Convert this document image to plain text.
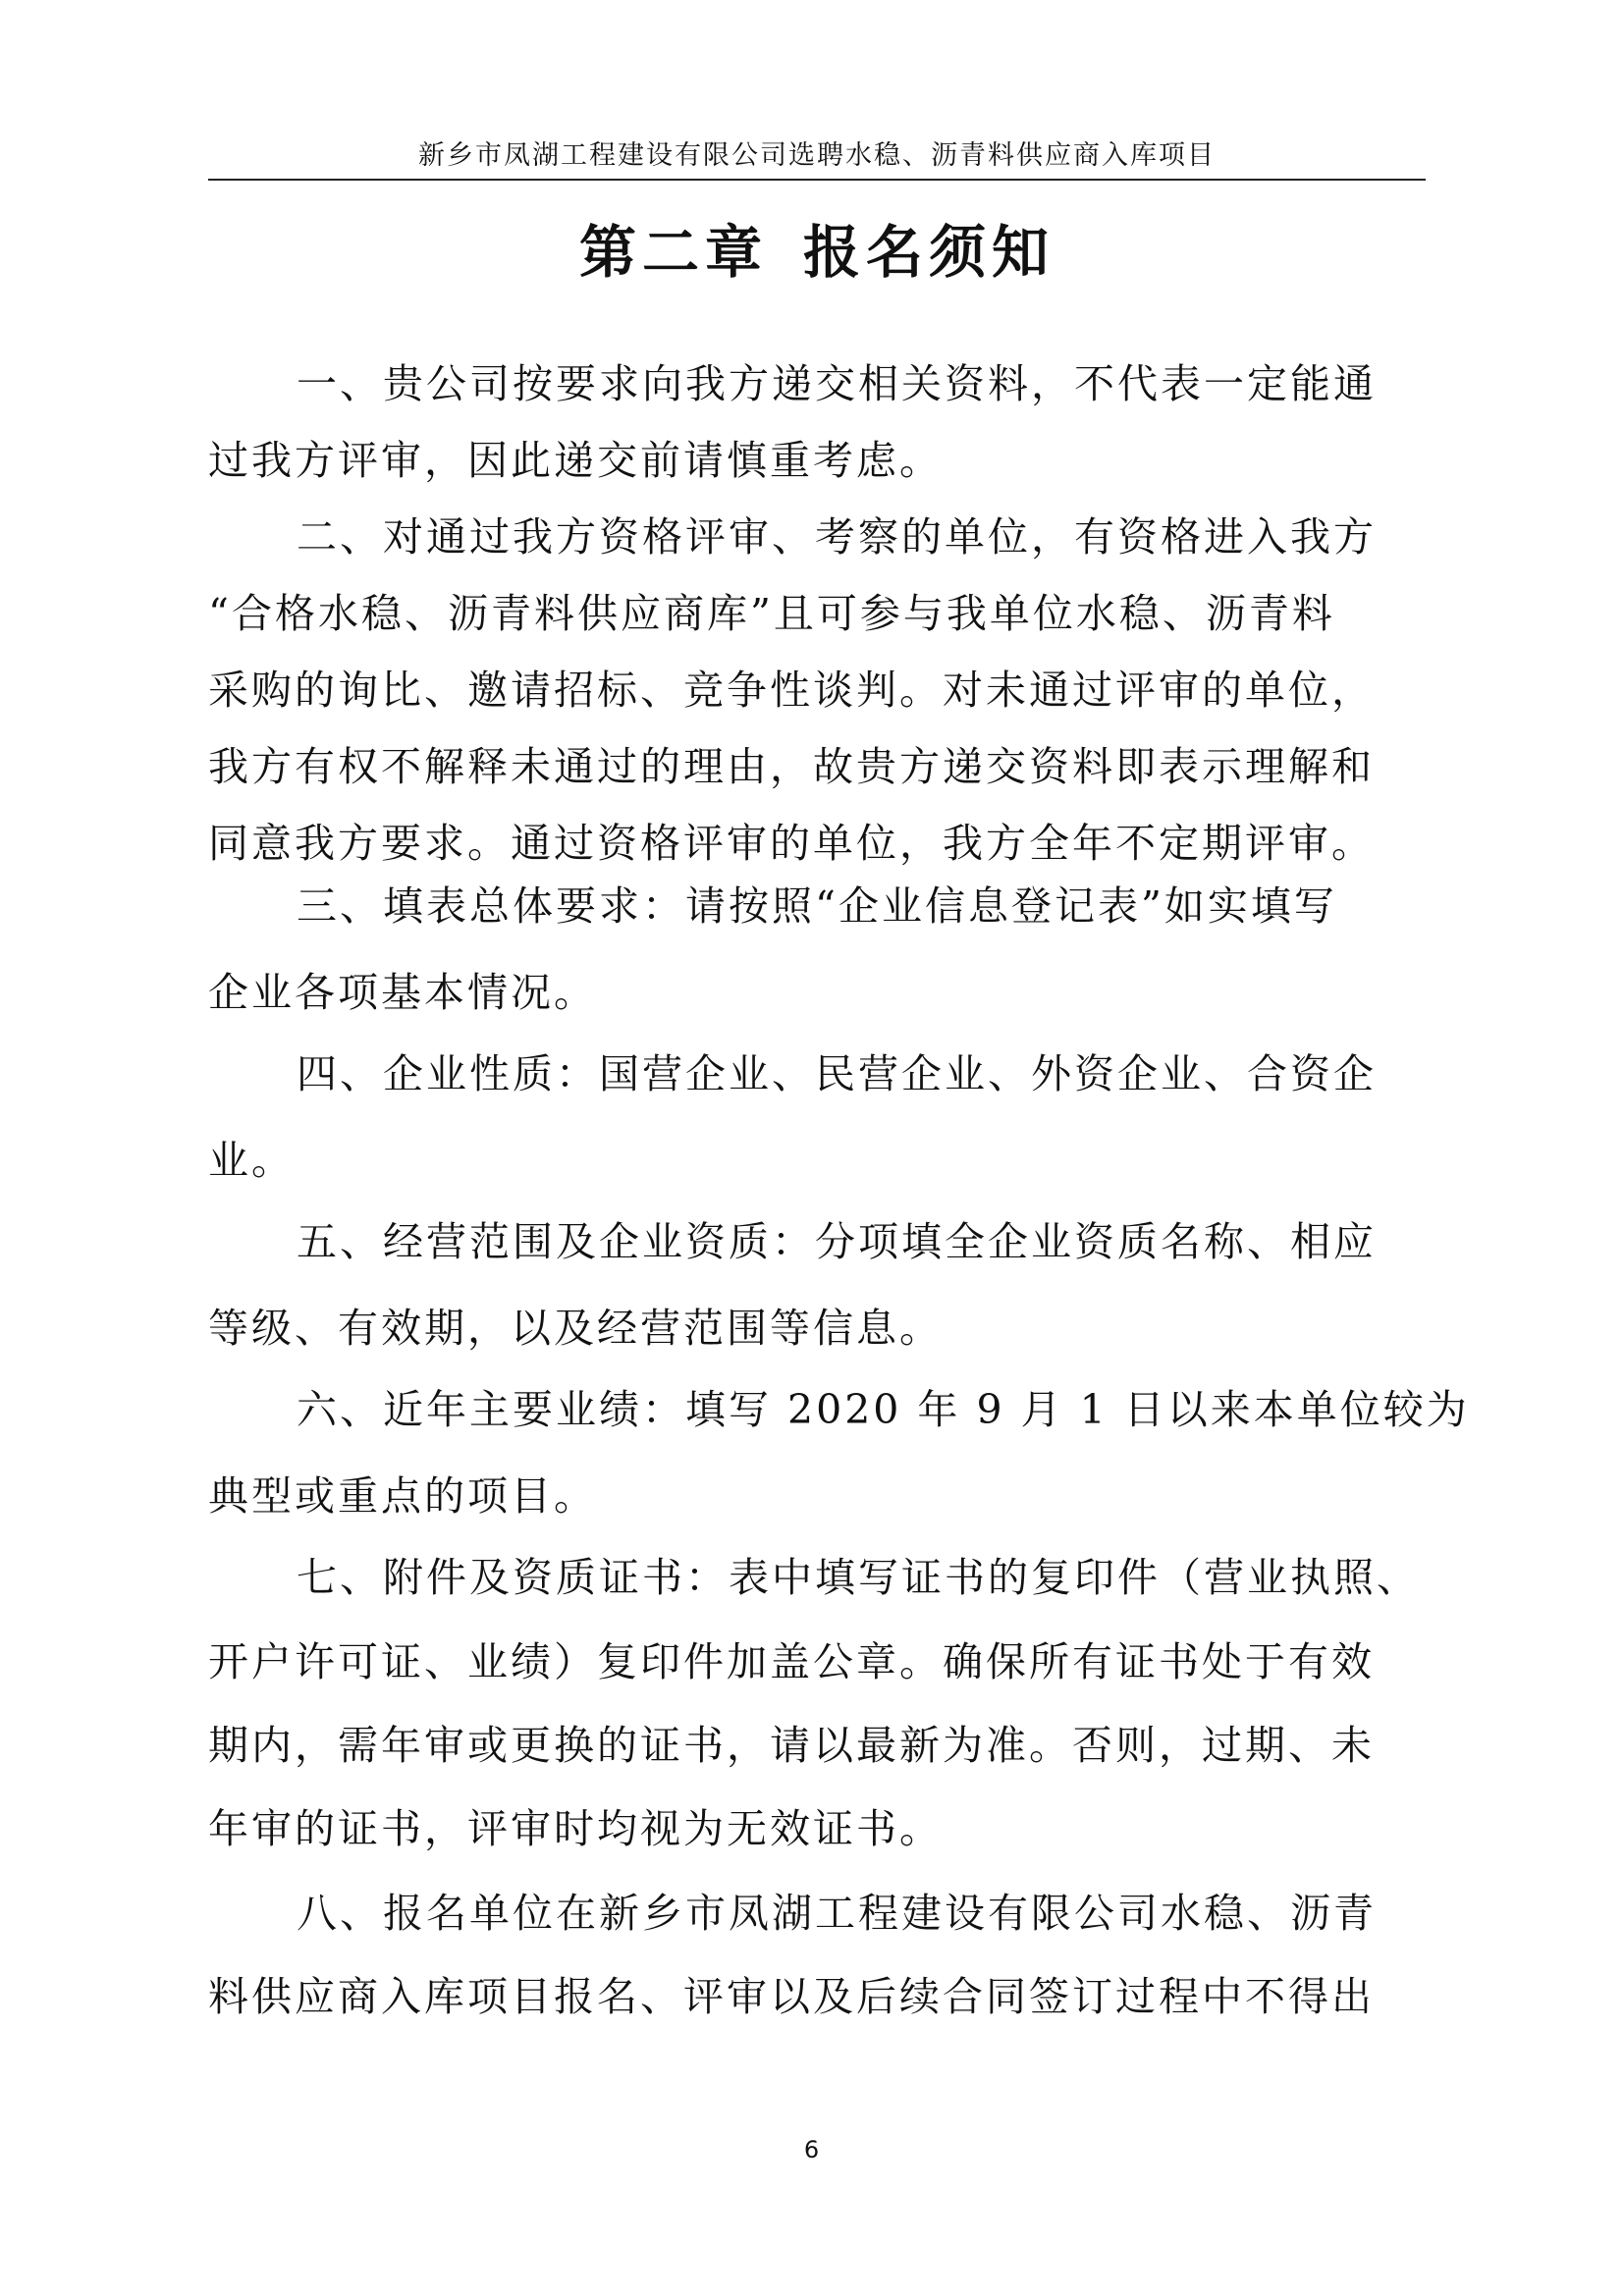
新乡市凤湖工程建设有限公司选聘水稳、沥青料供应商入库项目
第二章 报名须知
一、贵公司按要求向我方递交相关资料，不代表一定能通
过我方评审，因此递交前请慎重考虑。
二、对通过我方资格评审、考察的单位，有资格进入我方
“合格水稳、沥青料供应商库”且可参与我单位水稳、沥青料
采购的询比、邀请招标、竞争性谈判。对未通过评审的单位，
我方有权不解释未通过的理由，故贵方递交资料即表示理解和
同意我方要求。通过资格评审的单位，我方全年不定期评审。
三、填表总体要求：请按照“企业信息登记表”如实填写
企业各项基本情况。
四、企业性质：国营企业、民营企业、外资企业、合资企
业。
五、经营范围及企业资质：分项填全企业资质名称、相应
等级、有效期，以及经营范围等信息。
六、近年主要业绩：填写 2020 年 9 月 1 日以来本单位较为
典型或重点的项目。
七、附件及资质证书：表中填写证书的复印件（营业执照、
开户许可证、业绩）复印件加盖公章。确保所有证书处于有效
期内，需年审或更换的证书，请以最新为准。否则，过期、未
年审的证书，评审时均视为无效证书。
八、报名单位在新乡市凤湖工程建设有限公司水稳、沥青
料供应商入库项目报名、评审以及后续合同签订过程中不得出
6
